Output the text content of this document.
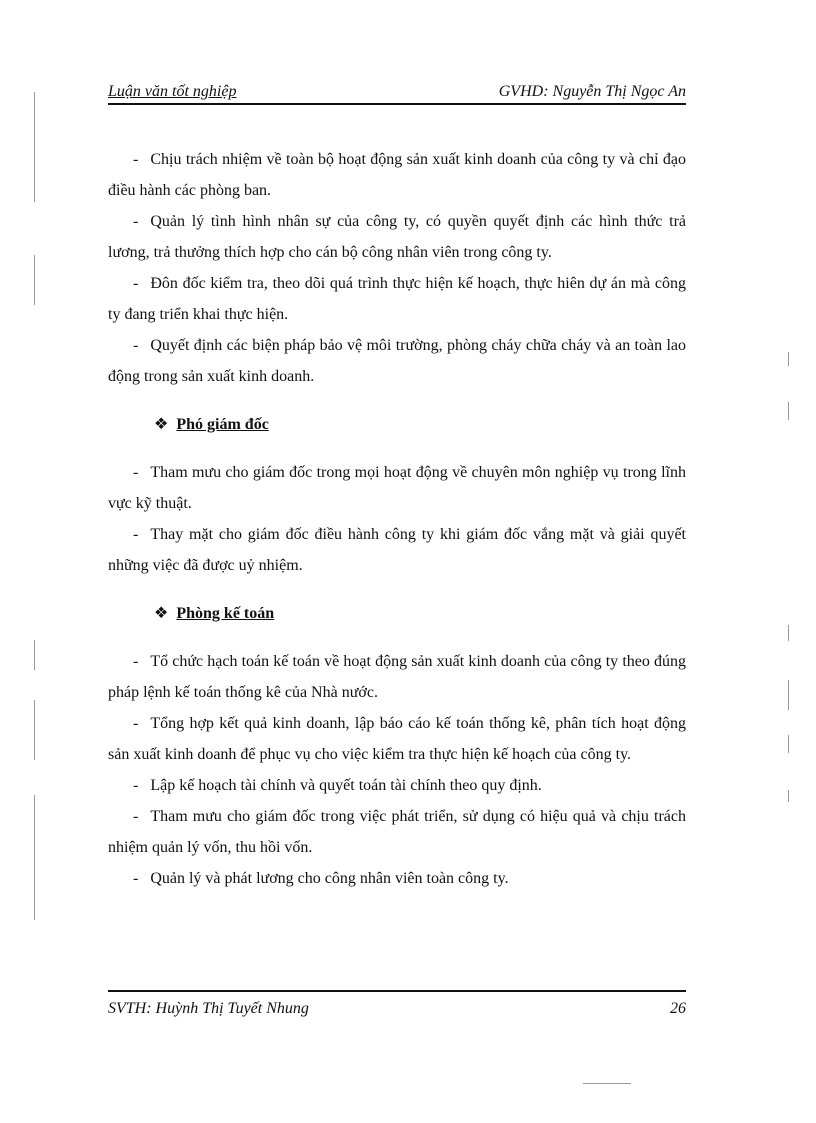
Luận văn tốt nghiệp	GVHD: Nguyễn Thị Ngọc An

- Chịu trách nhiệm về toàn bộ hoạt động sản xuất kinh doanh của công ty và chỉ đạo điều hành các phòng ban.

- Quản lý tình hình nhân sự của công ty, có quyền quyết định các hình thức trả lương, trả thưởng thích hợp cho cán bộ công nhân viên trong công ty.

- Đôn đốc kiểm tra, theo dõi quá trình thực hiện kế hoạch, thực hiên dự án mà công ty đang triển khai thực hiện.

- Quyết định các biện pháp bảo vệ môi trường, phòng cháy chữa cháy và an toàn lao động trong sản xuất kinh doanh.

❖ Phó giám đốc

- Tham mưu cho giám đốc trong mọi hoạt động về chuyên môn nghiệp vụ trong lĩnh vực kỹ thuật.

- Thay mặt cho giám đốc điều hành công ty khi giám đốc vắng mặt và giải quyết những việc đã được uỷ nhiệm.

❖ Phòng kế toán

- Tổ chức hạch toán kế toán về hoạt động sản xuất kinh doanh của công ty theo đúng pháp lệnh kế toán thống kê của Nhà nước.

- Tổng hợp kết quả kinh doanh, lập báo cáo kế toán thống kê, phân tích hoạt động sản xuất kinh doanh để phục vụ cho việc kiểm tra thực hiện kế hoạch của công ty.

- Lập kế hoạch tài chính và quyết toán tài chính theo quy định.

- Tham mưu cho giám đốc trong việc phát triển, sử dụng có hiệu quả và chịu trách nhiệm quản lý vốn, thu hồi vốn.

- Quản lý và phát lương cho công nhân viên toàn công ty.

SVTH: Huỳnh Thị Tuyết Nhung	26
